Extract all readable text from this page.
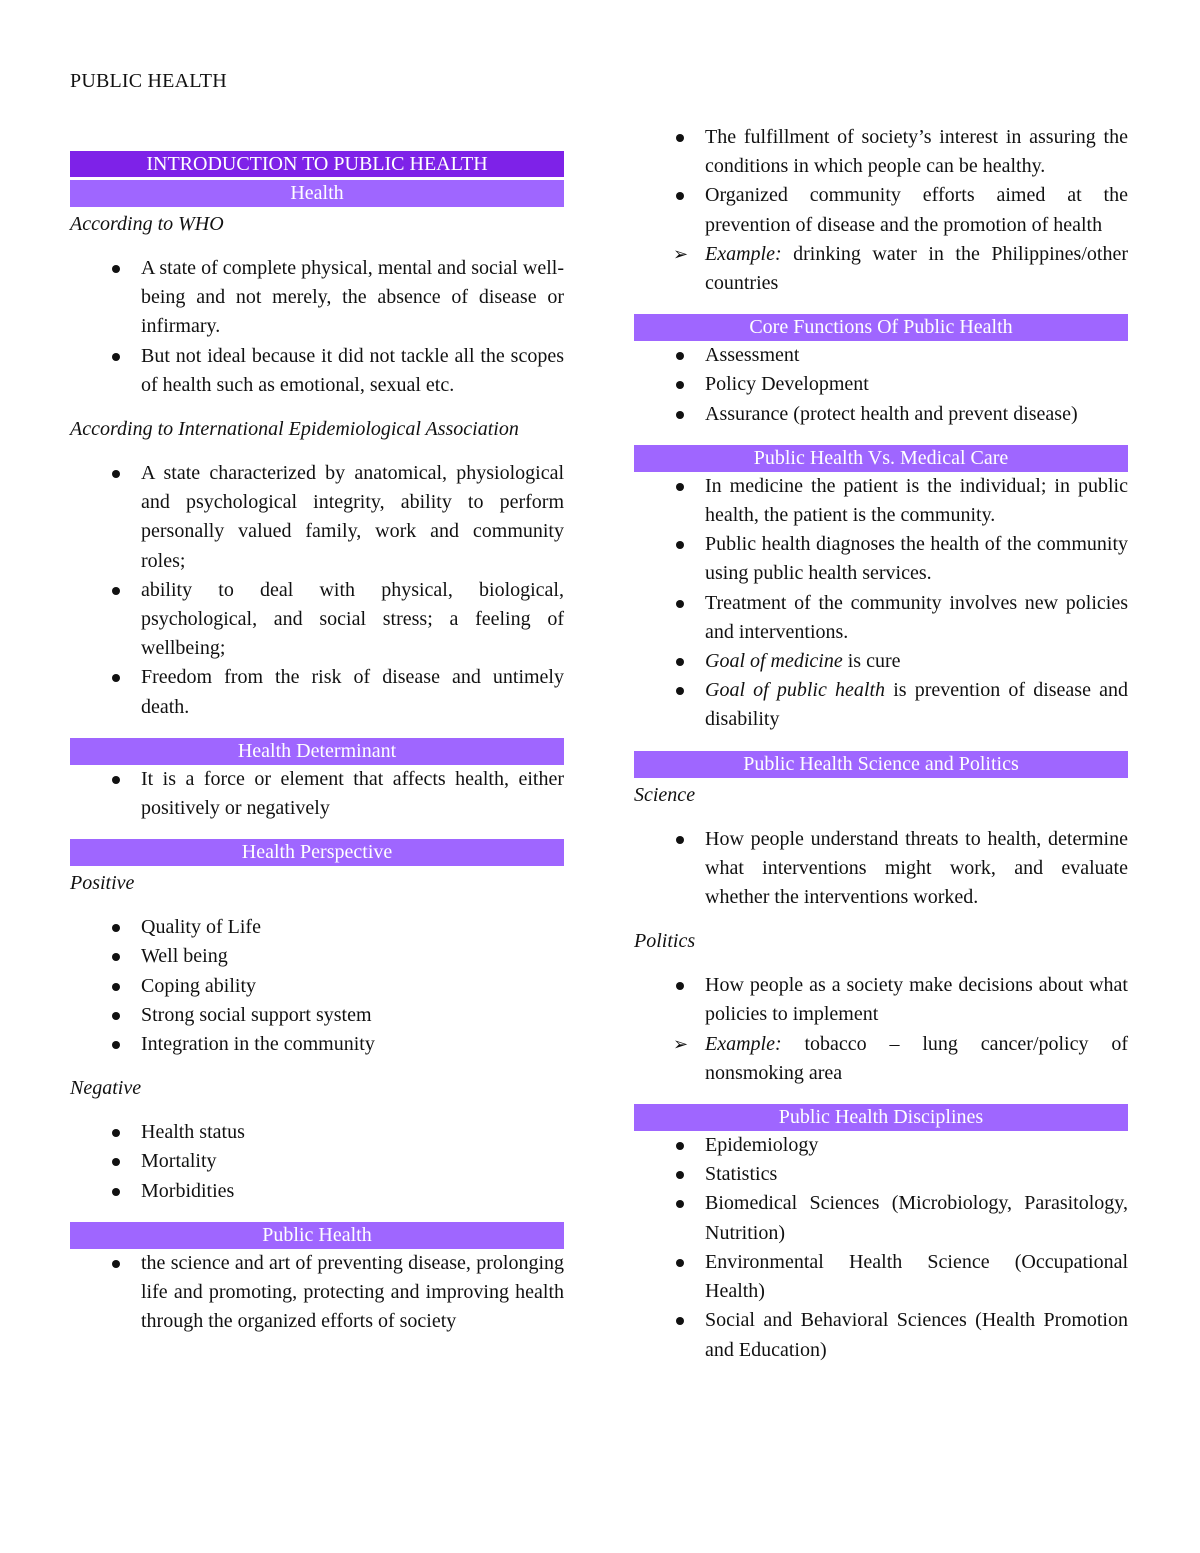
PUBLIC HEALTH
INTRODUCTION TO PUBLIC HEALTH
Health
According to WHO
A state of complete physical, mental and social well-being and not merely, the absence of disease or infirmary.
But not ideal because it did not tackle all the scopes of health such as emotional, sexual etc.
According to International Epidemiological Association
A state characterized by anatomical, physiological and psychological integrity, ability to perform personally valued family, work and community roles;
ability to deal with physical, biological, psychological, and social stress; a feeling of wellbeing;
Freedom from the risk of disease and untimely death.
Health Determinant
It is a force or element that affects health, either positively or negatively
Health Perspective
Positive
Quality of Life
Well being
Coping ability
Strong social support system
Integration in the community
Negative
Health status
Mortality
Morbidities
Public Health
the science and art of preventing disease, prolonging life and promoting, protecting and improving health through the organized efforts of society
The fulfillment of society’s interest in assuring the conditions in which people can be healthy.
Organized community efforts aimed at the prevention of disease and the promotion of health
➢ Example: drinking water in the Philippines/other countries
Core Functions Of Public Health
Assessment
Policy Development
Assurance (protect health and prevent disease)
Public Health Vs. Medical Care
In medicine the patient is the individual; in public health, the patient is the community.
Public health diagnoses the health of the community using public health services.
Treatment of the community involves new policies and interventions.
Goal of medicine is cure
Goal of public health is prevention of disease and disability
Public Health Science and Politics
Science
How people understand threats to health, determine what interventions might work, and evaluate whether the interventions worked.
Politics
How people as a society make decisions about what policies to implement
➢ Example: tobacco – lung cancer/policy of nonsmoking area
Public Health Disciplines
Epidemiology
Statistics
Biomedical Sciences (Microbiology, Parasitology, Nutrition)
Environmental Health Science (Occupational Health)
Social and Behavioral Sciences (Health Promotion and Education)
